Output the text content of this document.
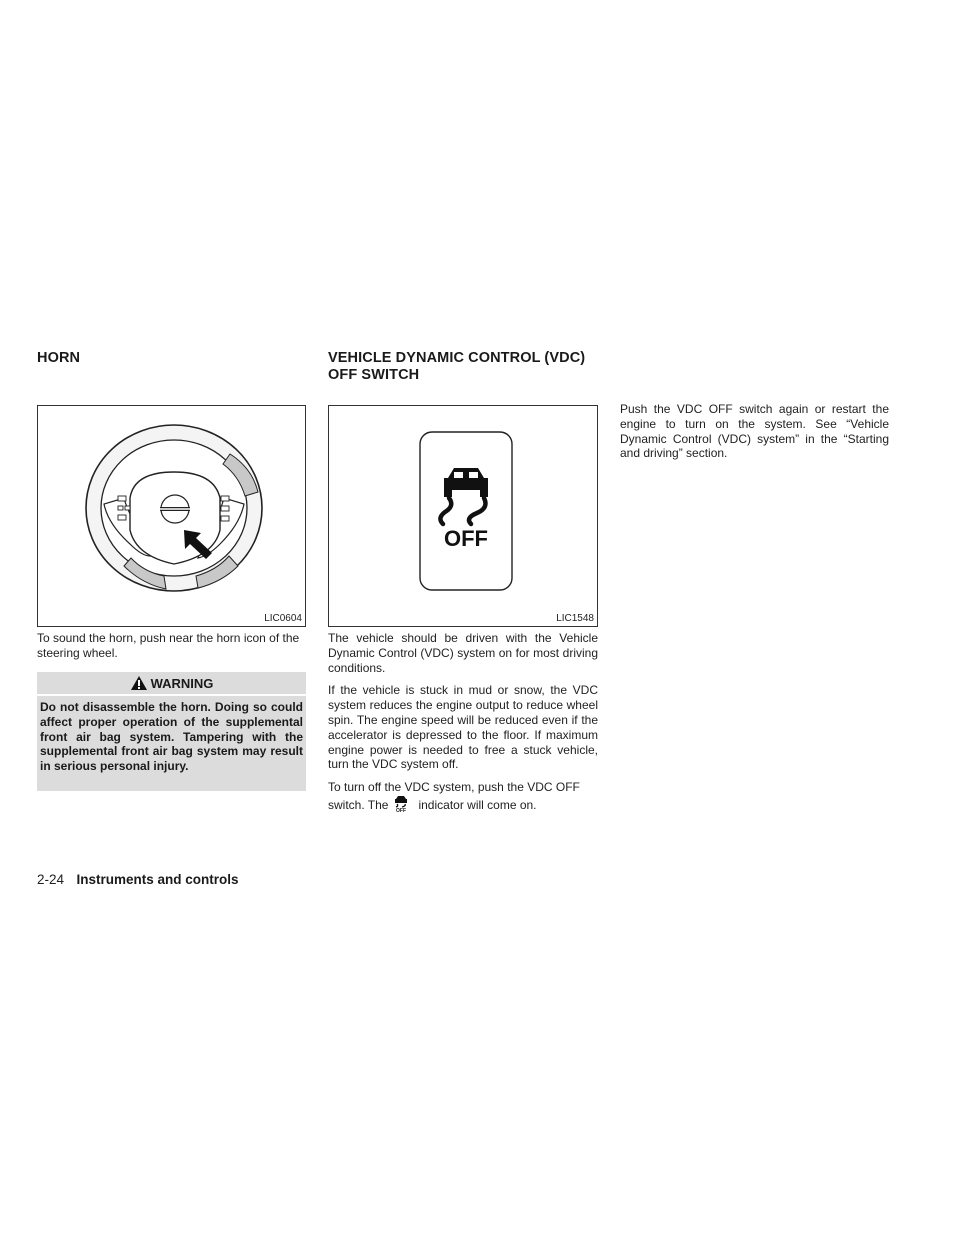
HORN
LIC0604

To sound the horn, push near the horn icon of the steering wheel.

WARNING
Do not disassemble the horn. Doing so could affect proper operation of the supplemental front air bag system. Tampering with the supplemental front air bag system may result in serious personal injury.
VEHICLE DYNAMIC CONTROL (VDC)
OFF SWITCH
OFF
LIC1548

The vehicle should be driven with the Vehicle Dynamic Control (VDC) system on for most driving conditions.

If the vehicle is stuck in mud or snow, the VDC system reduces the engine output to reduce wheel spin. The engine speed will be reduced even if the accelerator is depressed to the floor. If maximum engine power is needed to free a stuck vehicle, turn the VDC system off.

To turn off the VDC system, push the VDC OFF
switch. The OFF indicator will come on.

Push the VDC OFF switch again or restart the engine to turn on the system. See “Vehicle Dynamic Control (VDC) system” in the “Starting and driving” section.

2-24 Instruments and controls
